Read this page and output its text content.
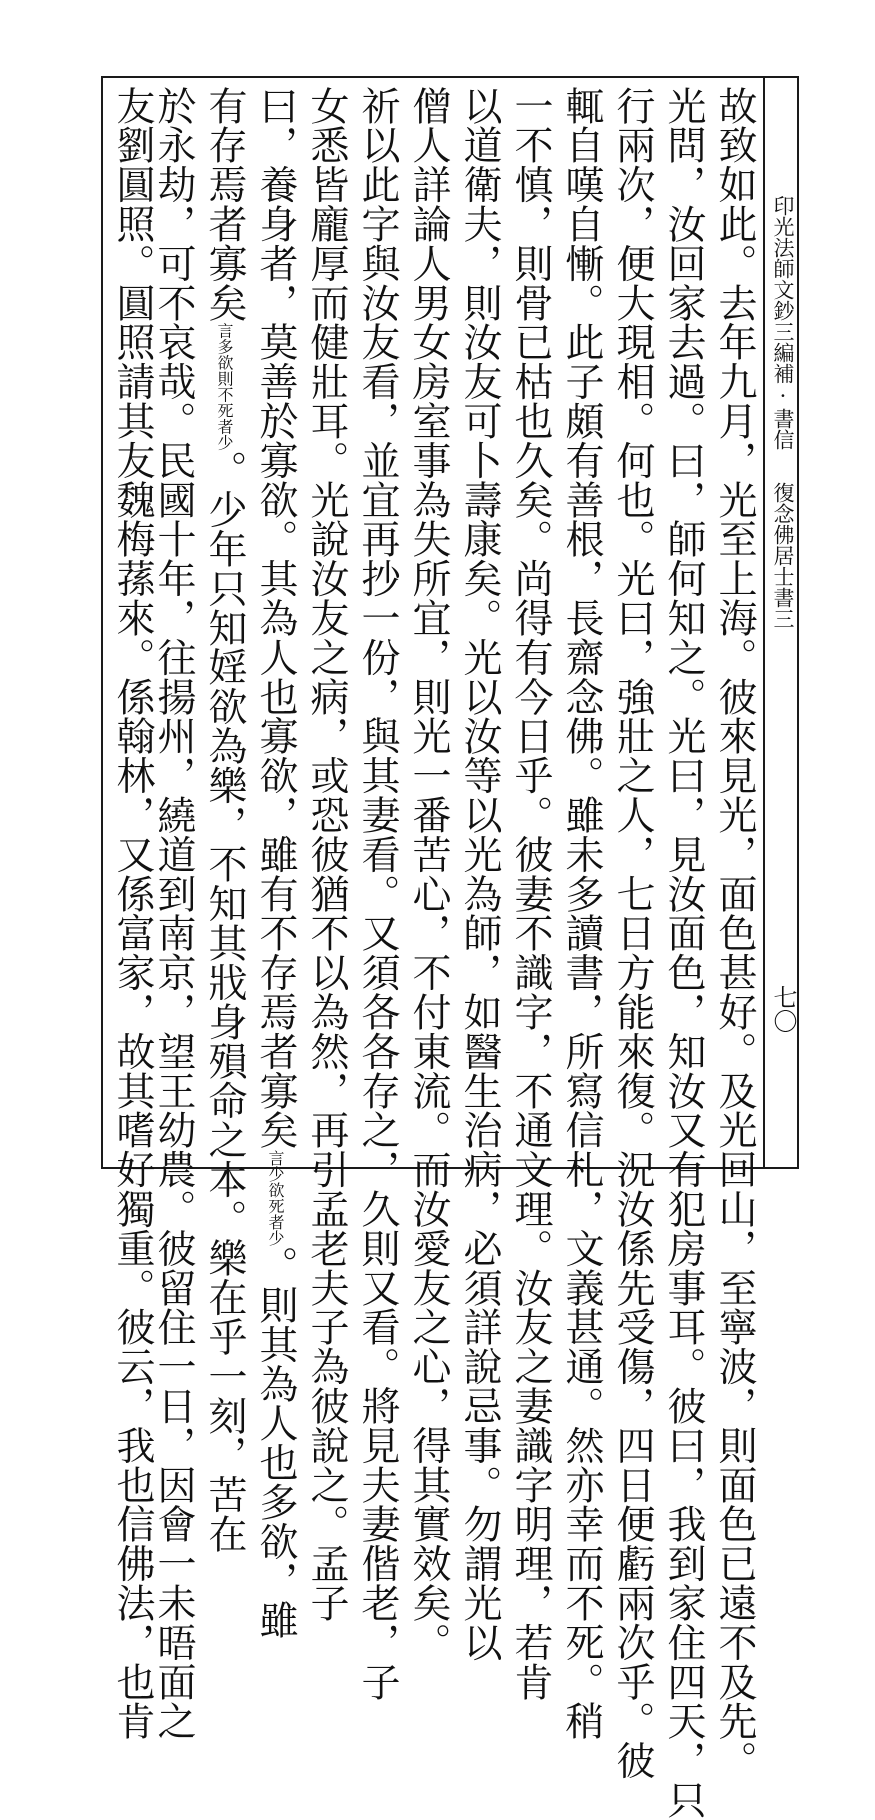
印光法師文鈔三編補·書信復念佛居士書三
七〇
故致如此。去年九月，光至上海。彼來見光，面色甚好。及光回山，至寧波，則面色已遠不及先。
光問，汝回家去過。曰，師何知之。光曰，見汝面色，知汝又有犯房事耳。彼曰，我到家住四天，只
行兩次，便大現相。何也。光曰，強壯之人，七日方能來復。況汝係先受傷，四日便虧兩次乎。彼
輒自嘆自慚。此子頗有善根，長齋念佛。雖未多讀書，所寫信札，文義甚通。然亦幸而不死。稍
一不慎，則骨已枯也久矣。尚得有今日乎。彼妻不識字，不通文理。汝友之妻識字明理，若肯
以道衛夫，則汝友可卜壽康矣。光以汝等以光為師，如醫生治病，必須詳說忌事。勿謂光以
僧人詳論人男女房室事為失所宜，則光一番苦心，不付東流。而汝愛友之心，得其實效矣。
祈以此字與汝友看，並宜再抄一份，與其妻看。又須各各存之，久則又看。將見夫妻偕老，子
女悉皆龐厚而健壯耳。光說汝友之病，或恐彼猶不以為然，再引孟老夫子為彼說之。孟子
曰，養身者，莫善於寡欲。其為人也寡欲，雖有不存焉者寡矣言少欲死者少。則其為人也多欲，雖
有存焉者寡矣言多欲則不死者少。少年只知婬欲為樂，不知其戕身殞命之本。樂在乎一刻，苦在
於永劫，可不哀哉。民國十年，往揚州，繞道到南京，望王幼農。彼留住一日，因會一未晤面之
友劉圓照。圓照請其友魏梅蓀來。係翰林，又係富家，故其嗜好獨重。彼云，我也信佛法，也肯
